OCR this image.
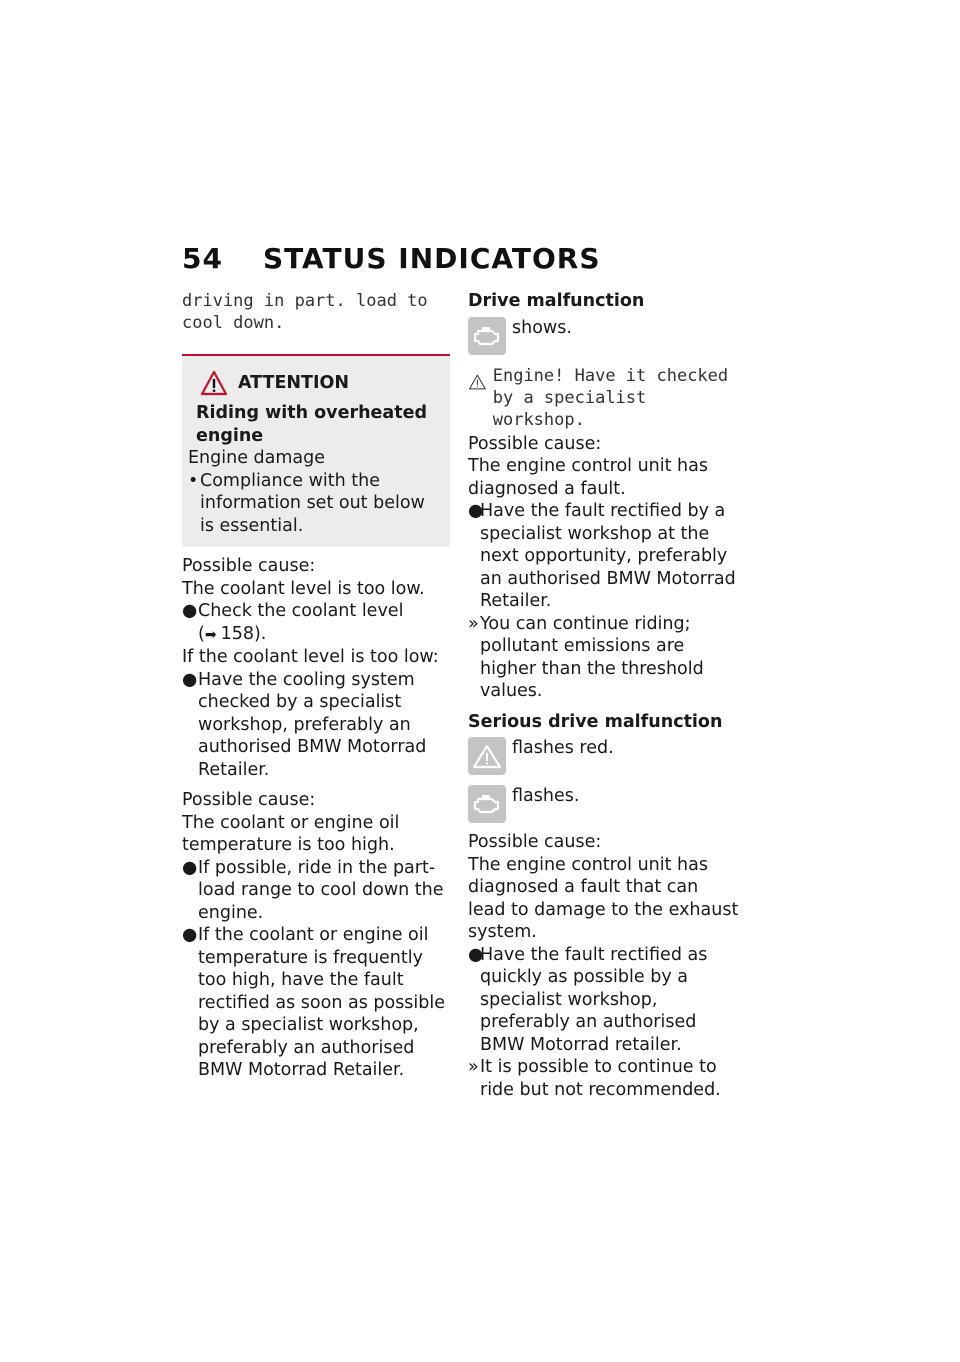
54 STATUS INDICATORS

driving in part. load to cool down.

ATTENTION

Riding with overheated engine

Engine damage

• Compliance with the information set out below is essential.

Possible cause:

The coolant level is too low.

● Check the coolant level
(➡ 158).

If the coolant level is too low:

● Have the cooling system checked by a specialist workshop, preferably an authorised BMW Motorrad Retailer.

Possible cause:

The coolant or engine oil temperature is too high.

● If possible, ride in the part-load range to cool down the engine.
● If the coolant or engine oil temperature is frequently too high, have the fault rectified as soon as possible by a specialist workshop, preferably an authorised BMW Motorrad Retailer.

Drive malfunction

shows.

Engine! Have it checked by a specialist workshop.

Possible cause:

The engine control unit has diagnosed a fault.

●
Have the fault rectified by a specialist workshop at the next opportunity, preferably an authorised BMW Motorrad Retailer.
» You can continue riding; pollutant emissions are higher than the threshold values.

Serious drive malfunction

flashes red.
flashes.

Possible cause:

The engine control unit has diagnosed a fault that can lead to damage to the exhaust system.

●
Have the fault rectified as quickly as possible by a specialist workshop, preferably an authorised BMW Motorrad retailer.
» It is possible to continue to ride but not recommended.
